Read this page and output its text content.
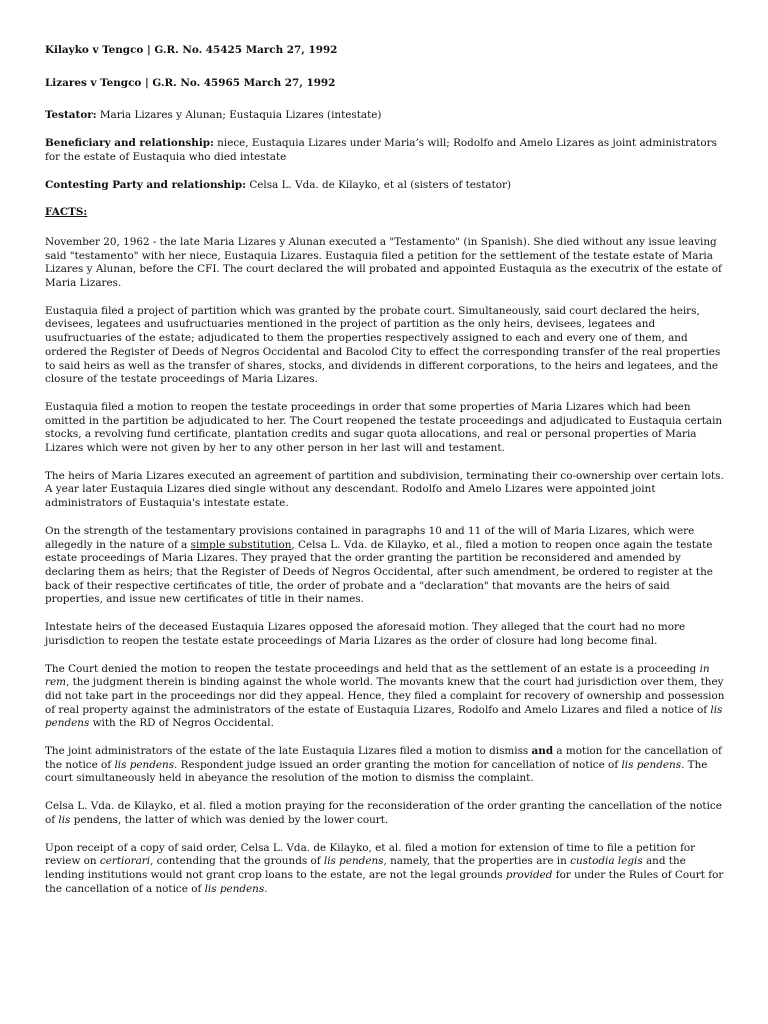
Kilayko v Tengco | G.R. No. 45425 March 27, 1992

Lizares v Tengco | G.R. No. 45965 March 27, 1992

Testator: Maria Lizares y Alunan; Eustaquia Lizares (intestate)

Beneficiary and relationship: niece, Eustaquia Lizares under Maria’s will; Rodolfo and Amelo Lizares as joint administrators for the estate of Eustaquia who died intestate

Contesting Party and relationship: Celsa L. Vda. de Kilayko, et al (sisters of testator)

FACTS:

November 20, 1962 - the late Maria Lizares y Alunan executed a "Testamento" (in Spanish). She died without any issue leaving said "testamento" with her niece, Eustaquia Lizares. Eustaquia filed a petition for the settlement of the testate estate of Maria Lizares y Alunan, before the CFI. The court declared the will probated and appointed Eustaquia as the executrix of the estate of Maria Lizares.

Eustaquia filed a project of partition which was granted by the probate court. Simultaneously, said court declared the heirs, devisees, legatees and usufructuaries mentioned in the project of partition as the only heirs, devisees, legatees and usufructuaries of the estate; adjudicated to them the properties respectively assigned to each and every one of them, and ordered the Register of Deeds of Negros Occidental and Bacolod City to effect the corresponding transfer of the real properties to said heirs as well as the transfer of shares, stocks, and dividends in different corporations, to the heirs and legatees, and the closure of the testate proceedings of Maria Lizares.

Eustaquia filed a motion to reopen the testate proceedings in order that some properties of Maria Lizares which had been omitted in the partition be adjudicated to her. The Court reopened the testate proceedings and adjudicated to Eustaquia certain stocks, a revolving fund certificate, plantation credits and sugar quota allocations, and real or personal properties of Maria Lizares which were not given by her to any other person in her last will and testament.

The heirs of Maria Lizares executed an agreement of partition and subdivision, terminating their co-ownership over certain lots. A year later Eustaquia Lizares died single without any descendant. Rodolfo and Amelo Lizares were appointed joint administrators of Eustaquia's intestate estate.

On the strength of the testamentary provisions contained in paragraphs 10 and 11 of the will of Maria Lizares, which were allegedly in the nature of a simple substitution, Celsa L. Vda. de Kilayko, et al., filed a motion to reopen once again the testate estate proceedings of Maria Lizares. They prayed that the order granting the partition be reconsidered and amended by declaring them as heirs; that the Register of Deeds of Negros Occidental, after such amendment, be ordered to register at the back of their respective certificates of title, the order of probate and a "declaration" that movants are the heirs of said properties, and issue new certificates of title in their names.

Intestate heirs of the deceased Eustaquia Lizares opposed the aforesaid motion. They alleged that the court had no more jurisdiction to reopen the testate estate proceedings of Maria Lizares as the order of closure had long become final.

The Court denied the motion to reopen the testate proceedings and held that as the settlement of an estate is a proceeding in rem, the judgment therein is binding against the whole world. The movants knew that the court had jurisdiction over them, they did not take part in the proceedings nor did they appeal. Hence, they filed a complaint for recovery of ownership and possession of real property against the administrators of the estate of Eustaquia Lizares, Rodolfo and Amelo Lizares and filed a notice of lis pendens with the RD of Negros Occidental.

The joint administrators of the estate of the late Eustaquia Lizares filed a motion to dismiss and a motion for the cancellation of the notice of lis pendens. Respondent judge issued an order granting the motion for cancellation of notice of lis pendens. The court simultaneously held in abeyance the resolution of the motion to dismiss the complaint.

Celsa L. Vda. de Kilayko, et al. filed a motion praying for the reconsideration of the order granting the cancellation of the notice of lis pendens, the latter of which was denied by the lower court.

Upon receipt of a copy of said order, Celsa L. Vda. de Kilayko, et al. filed a motion for extension of time to file a petition for review on certiorari, contending that the grounds of lis pendens, namely, that the properties are in custodia legis and the lending institutions would not grant crop loans to the estate, are not the legal grounds provided for under the Rules of Court for the cancellation of a notice of lis pendens.
